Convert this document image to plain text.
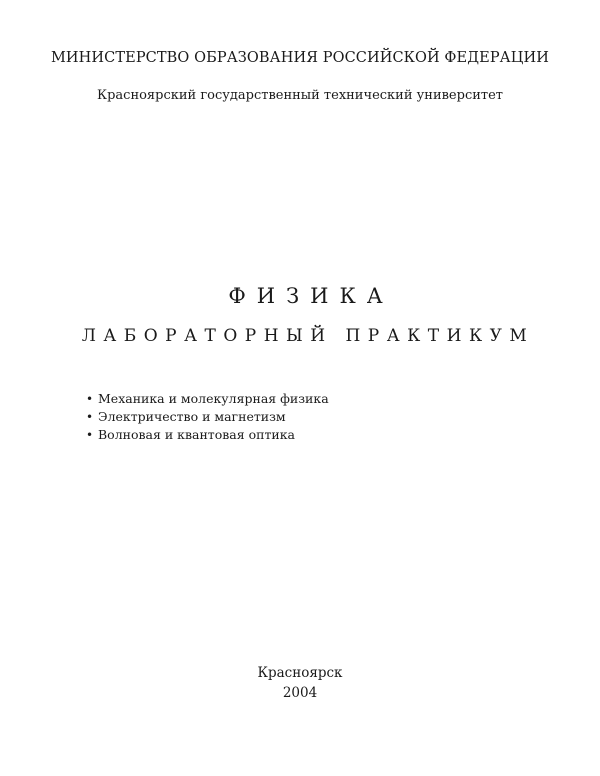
МИНИСТЕРСТВО ОБРАЗОВАНИЯ РОССИЙСКОЙ ФЕДЕРАЦИИ
Красноярский государственный технический университет
ФИЗИКА
ЛАБОРАТОРНЫЙ ПРАКТИКУМ
• Механика и молекулярная физика
• Электричество и магнетизм
• Волновая и квантовая оптика
Красноярск
2004
